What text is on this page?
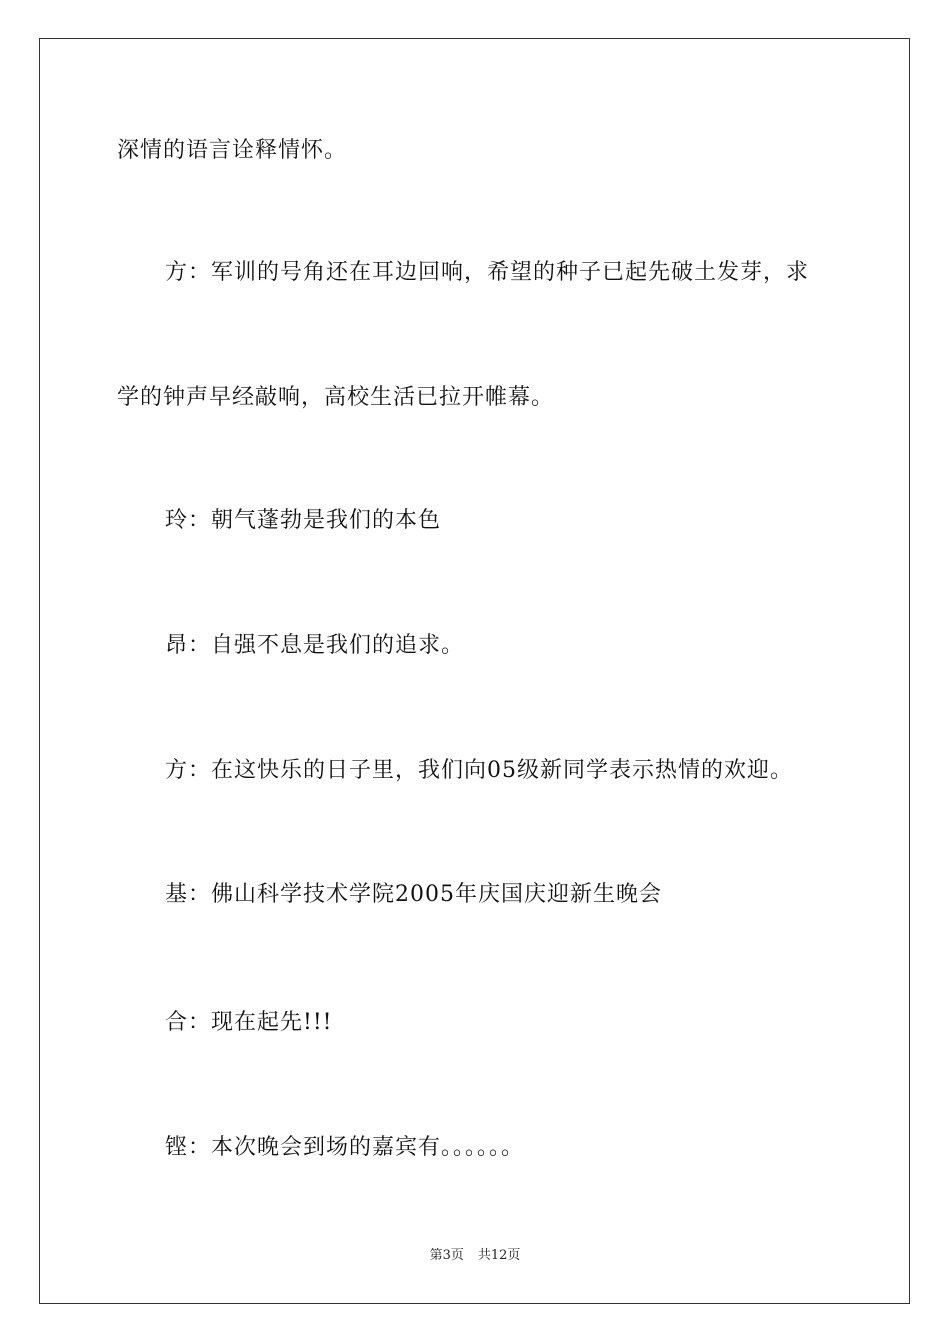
深情的语言诠释情怀。
方：军训的号角还在耳边回响，希望的种子已起先破土发芽，求
学的钟声早经敲响，高校生活已拉开帷幕。
玲：朝气蓬勃是我们的本色
昂：自强不息是我们的追求。
方：在这快乐的日子里，我们向05级新同学表示热情的欢迎。
基：佛山科学技术学院2005年庆国庆迎新生晚会
合：现在起先!!!
铿：本次晚会到场的嘉宾有。。。。。。
第3页 共12页
